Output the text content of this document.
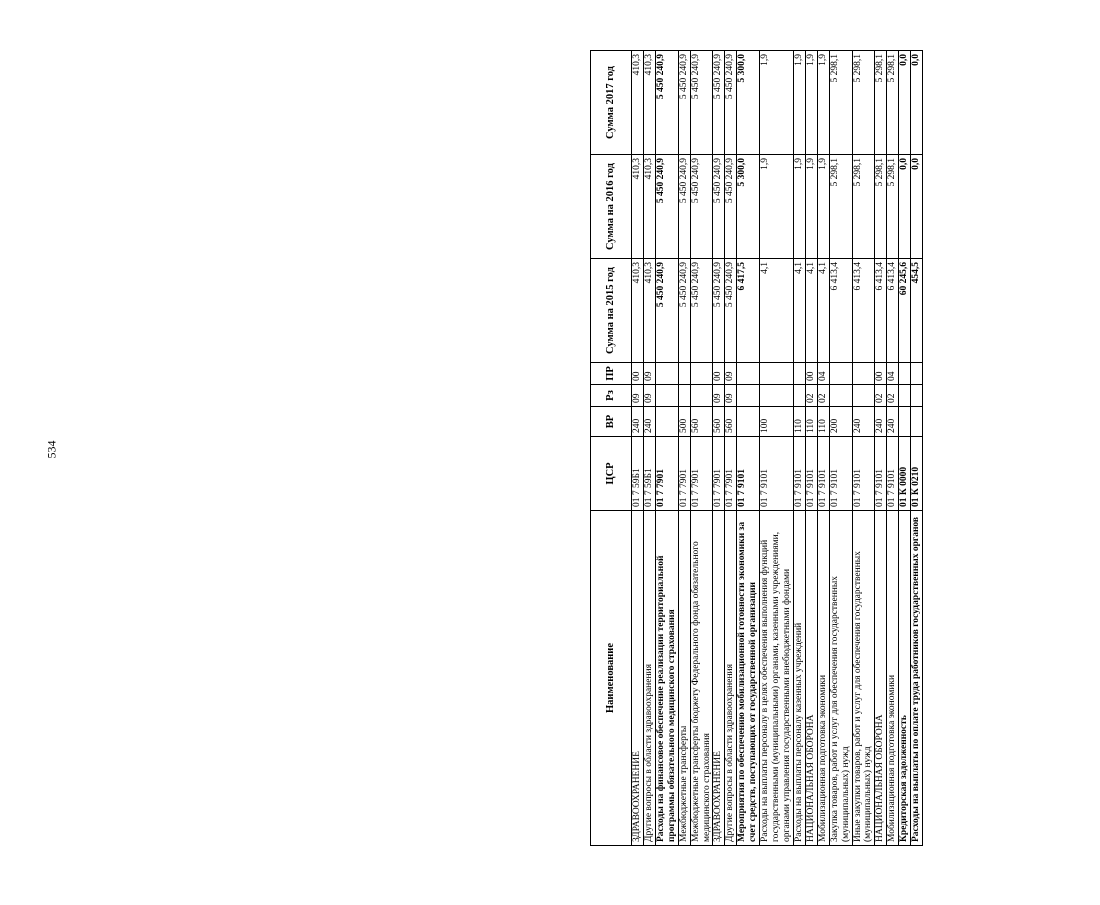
534
Наименование	ЦСР	ВР	Рз	ПР	Сумма на 2015 год	Сумма на 2016 год	Сумма 2017 год
ЗДРАВООХРАНЕНИЕ	01 7 59Б1	240	09	00	410,3	410,3	410,3
Другие вопросы в области здравоохранения	01 7 59Б1	240	09	09	410,3	410,3	410,3
Расходы на финансовое обеспечение реализации территориальной программы обязательного медицинского страхования	01 7 7901				5 450 240,9	5 450 240,9	5 450 240,9
Межбюджетные трансферты	01 7 7901	500			5 450 240,9	5 450 240,9	5 450 240,9
Межбюджетные трансферты бюджету Федерального фонда обязательного медицинского страхования	01 7 7901	560			5 450 240,9	5 450 240,9	5 450 240,9
ЗДРАВООХРАНЕНИЕ	01 7 7901	560	09	00	5 450 240,9	5 450 240,9	5 450 240,9
Другие вопросы в области здравоохранения	01 7 7901	560	09	09	5 450 240,9	5 450 240,9	5 450 240,9
Мероприятия по обеспечению мобилизационной готовности экономики за счет средств, поступающих от государственной организации	01 7 9101				6 417,5	5 300,0	5 300,0
Расходы на выплаты персоналу в целях обеспечения выполнения функций государственными (муниципальными) органами, казенными учреждениями, органами управления государственными внебюджетными фондами	01 7 9101	100			4,1	1,9	1,9
Расходы на выплаты персоналу казенных учреждений	01 7 9101	110			4,1	1,9	1,9
НАЦИОНАЛЬНАЯ ОБОРОНА	01 7 9101	110	02	00	4,1	1,9	1,9
Мобилизационная подготовка экономики	01 7 9101	110	02	04	4,1	1,9	1,9
Закупка товаров, работ и услуг для обеспечения государственных (муниципальных) нужд	01 7 9101	200			6 413,4	5 298,1	5 298,1
Иные закупки товаров, работ и услуг для обеспечения государственных (муниципальных) нужд	01 7 9101	240			6 413,4	5 298,1	5 298,1
НАЦИОНАЛЬНАЯ ОБОРОНА	01 7 9101	240	02	00	6 413,4	5 298,1	5 298,1
Мобилизационная подготовка экономики	01 7 9101	240	02	04	6 413,4	5 298,1	5 298,1
Кредиторская задолженность	01 К 0000				60 245,6	0,0	0,0
Расходы на выплаты по оплате труда работников государственных органов	01 К 0210				454,5	0,0	0,0
